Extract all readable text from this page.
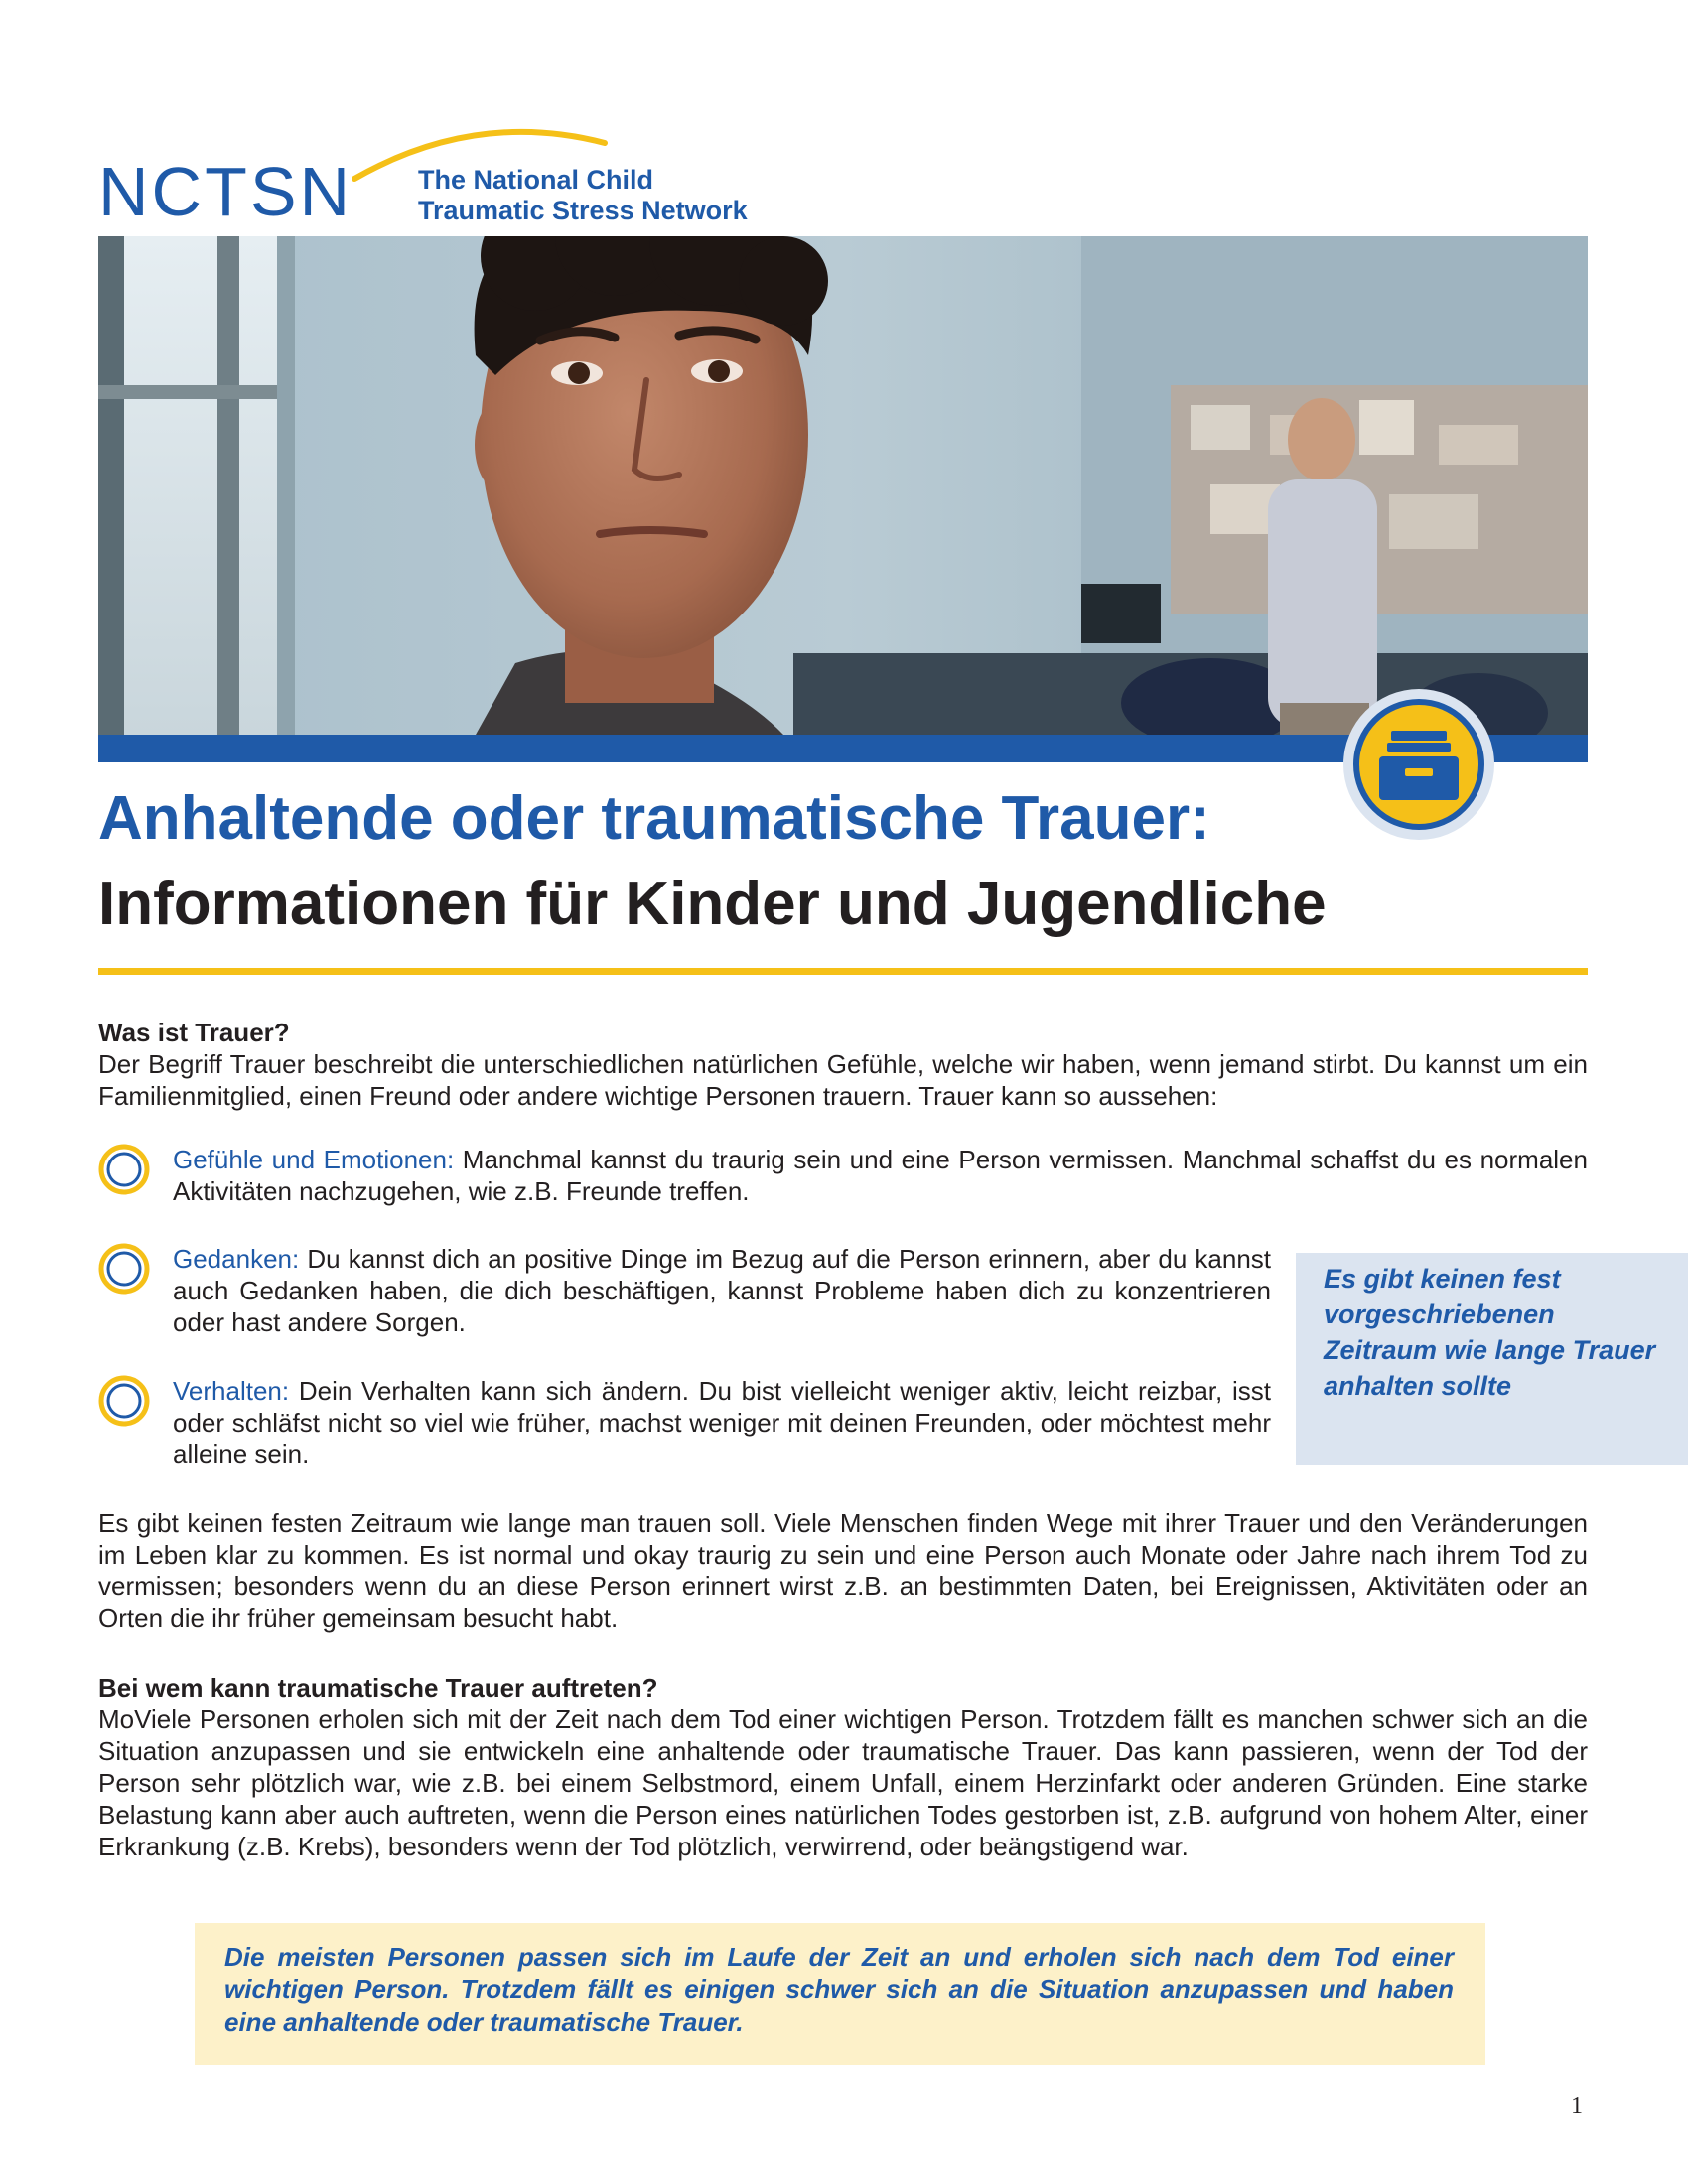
NCTSN The National Child
Traumatic Stress Network
Anhaltende oder traumatische Trauer:
Informationen für Kinder und Jugendliche
Was ist Trauer?
Der Begriff Trauer beschreibt die unterschiedlichen natürlichen Gefühle, welche wir haben, wenn jemand stirbt. Du kannst um ein Familienmitglied, einen Freund oder andere wichtige Personen trauern. Trauer kann so aussehen:
Gefühle und Emotionen: Manchmal kannst du traurig sein und eine Person vermissen. Manchmal schaffst du es normalen Aktivitäten nachzugehen, wie z.B. Freunde treffen.
Gedanken: Du kannst dich an positive Dinge im Bezug auf die Person erinnern, aber du kannst auch Gedanken haben, die dich beschäftigen, kannst Probleme haben dich zu konzentrieren oder hast andere Sorgen.
Verhalten: Dein Verhalten kann sich ändern. Du bist vielleicht weniger aktiv, leicht reizbar, isst oder schläfst nicht so viel wie früher, machst weniger mit deinen Freunden, oder möchtest mehr alleine sein.
Es gibt keinen fest vorgeschriebenen Zeitraum wie lange Trauer anhalten sollte
Es gibt keinen festen Zeitraum wie lange man trauen soll. Viele Menschen finden Wege mit ihrer Trauer und den Veränderungen im Leben klar zu kommen. Es ist normal und okay traurig zu sein und eine Person auch Monate oder Jahre nach ihrem Tod zu vermissen; besonders wenn du an diese Person erinnert wirst z.B. an bestimmten Daten, bei Ereignissen, Aktivitäten oder an Orten die ihr früher gemeinsam besucht habt.
Bei wem kann traumatische Trauer auftreten?
MoViele Personen erholen sich mit der Zeit nach dem Tod einer wichtigen Person. Trotzdem fällt es manchen schwer sich an die Situation anzupassen und sie entwickeln eine anhaltende oder traumatische Trauer. Das kann passieren, wenn der Tod der Person sehr plötzlich war, wie z.B. bei einem Selbstmord, einem Unfall, einem Herzinfarkt oder anderen Gründen. Eine starke Belastung kann aber auch auftreten, wenn die Person eines natürlichen Todes gestorben ist, z.B. aufgrund von hohem Alter, einer Erkrankung (z.B. Krebs), besonders wenn der Tod plötzlich, verwirrend, oder beängstigend war.
Die meisten Personen passen sich im Laufe der Zeit an und erholen sich nach dem Tod einer wichtigen Person. Trotzdem fällt es einigen schwer sich an die Situation anzupassen und haben eine anhaltende oder traumatische Trauer.
1
